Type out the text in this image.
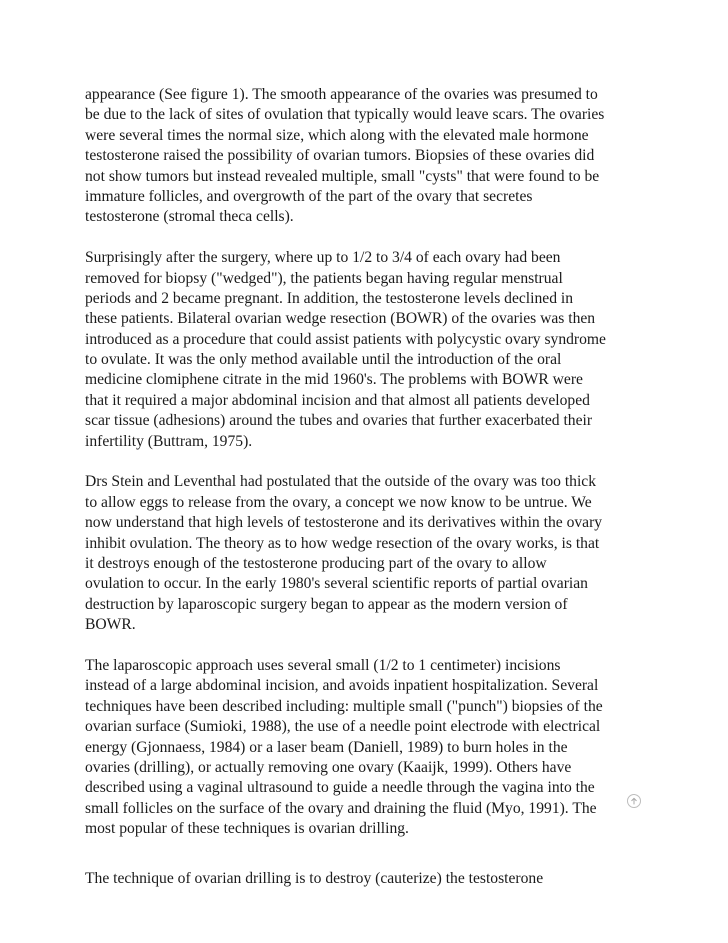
appearance (See figure 1). The smooth appearance of the ovaries was presumed to
be due to the lack of sites of ovulation that typically would leave scars. The ovaries
were several times the normal size, which along with the elevated male hormone
testosterone raised the possibility of ovarian tumors. Biopsies of these ovaries did
not show tumors but instead revealed multiple, small "cysts" that were found to be
immature follicles, and overgrowth of the part of the ovary that secretes
testosterone (stromal theca cells).
Surprisingly after the surgery, where up to 1/2 to 3/4 of each ovary had been
removed for biopsy ("wedged"), the patients began having regular menstrual
periods and 2 became pregnant. In addition, the testosterone levels declined in
these patients. Bilateral ovarian wedge resection (BOWR) of the ovaries was then
introduced as a procedure that could assist patients with polycystic ovary syndrome
to ovulate. It was the only method available until the introduction of the oral
medicine clomiphene citrate in the mid 1960's. The problems with BOWR were
that it required a major abdominal incision and that almost all patients developed
scar tissue (adhesions) around the tubes and ovaries that further exacerbated their
infertility (Buttram, 1975).
Drs Stein and Leventhal had postulated that the outside of the ovary was too thick
to allow eggs to release from the ovary, a concept we now know to be untrue. We
now understand that high levels of testosterone and its derivatives within the ovary
inhibit ovulation. The theory as to how wedge resection of the ovary works, is that
it destroys enough of the testosterone producing part of the ovary to allow
ovulation to occur. In the early 1980's several scientific reports of partial ovarian
destruction by laparoscopic surgery began to appear as the modern version of
BOWR.
The laparoscopic approach uses several small (1/2 to 1 centimeter) incisions
instead of a large abdominal incision, and avoids inpatient hospitalization. Several
techniques have been described including: multiple small ("punch") biopsies of the
ovarian surface (Sumioki, 1988), the use of a needle point electrode with electrical
energy (Gjonnaess, 1984) or a laser beam (Daniell, 1989) to burn holes in the
ovaries (drilling), or actually removing one ovary (Kaaijk, 1999). Others have
described using a vaginal ultrasound to guide a needle through the vagina into the
small follicles on the surface of the ovary and draining the fluid (Myo, 1991). The
most popular of these techniques is ovarian drilling.
The technique of ovarian drilling is to destroy (cauterize) the testosterone
